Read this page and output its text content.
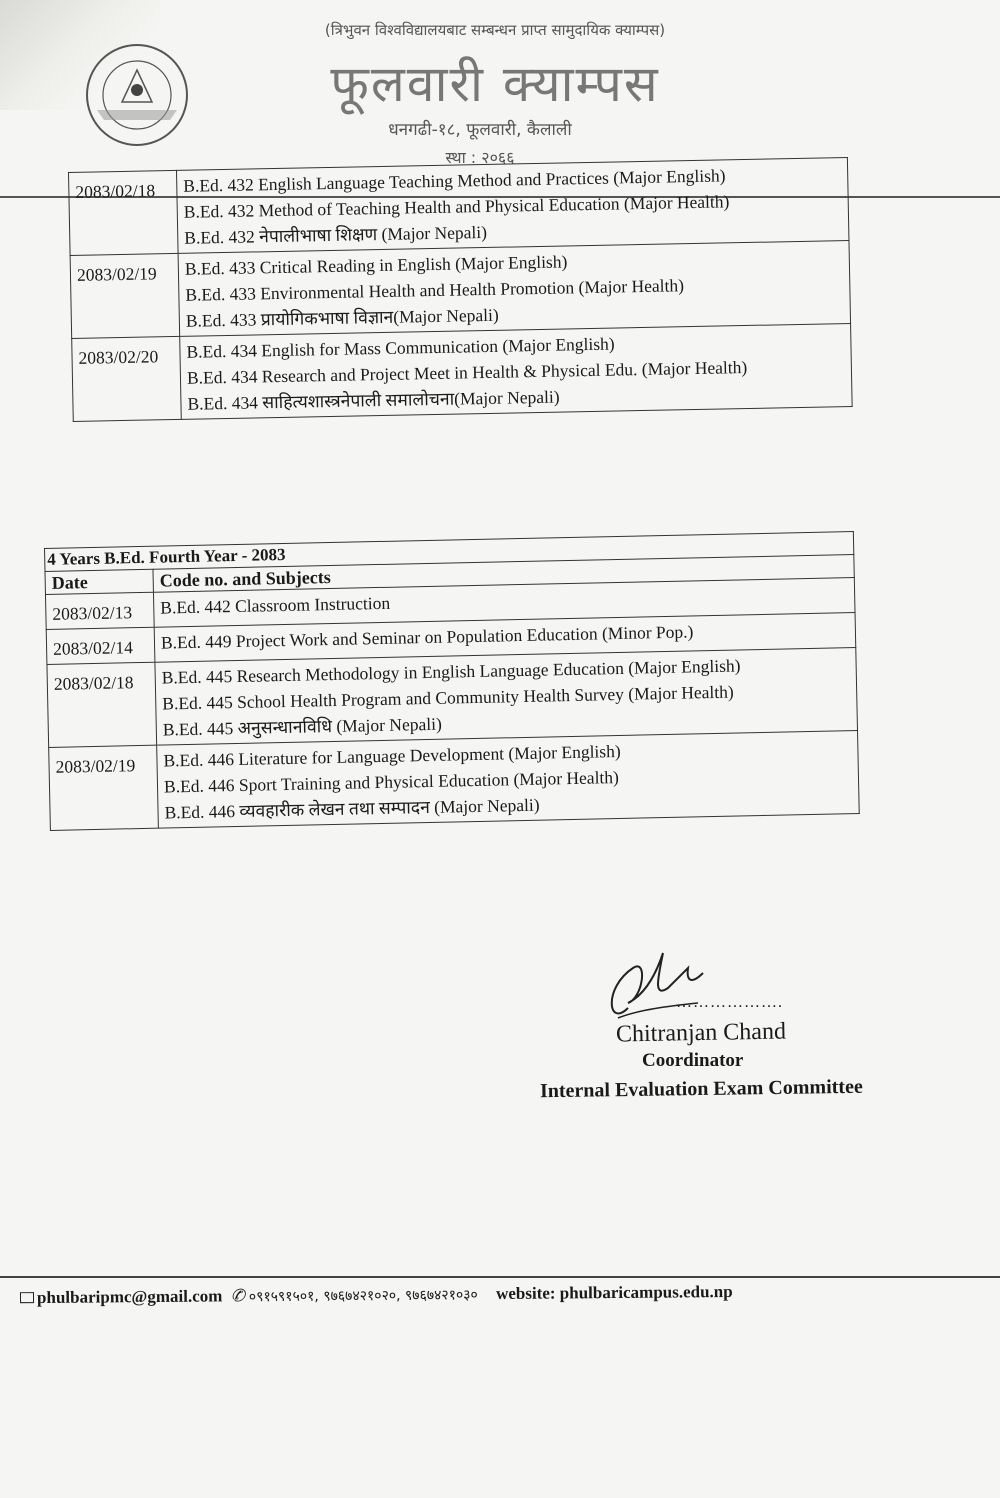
(त्रिभुवन विश्वविद्यालयबाट सम्बन्धन प्राप्त सामुदायिक क्याम्पस)
फूलवारी क्याम्पस
धनगढी-१८, फूलवारी, कैलाली
स्था : २०६६
2083/02/18	B.Ed. 432 English Language Teaching Method and Practices (Major English)
B.Ed. 432 Method of Teaching Health and Physical Education (Major Health)
B.Ed. 432 नेपालीभाषा शिक्षण (Major Nepali)

2083/02/19	B.Ed. 433 Critical Reading in English (Major English)
B.Ed. 433 Environmental Health and Health Promotion (Major Health)
B.Ed. 433 प्रायोगिकभाषा विज्ञान(Major Nepali)

2083/02/20	B.Ed. 434 English for Mass Communication (Major English)
B.Ed. 434 Research and Project Meet in Health & Physical Edu. (Major Health)
B.Ed. 434 साहित्यशास्त्रनेपाली समालोचना(Major Nepali)
4 Years B.Ed. Fourth Year - 2083
Date	Code no. and Subjects
2083/02/13	B.Ed. 442 Classroom Instruction

2083/02/14	B.Ed. 449 Project Work and Seminar on Population Education (Minor Pop.)

2083/02/18	B.Ed. 445 Research Methodology in English Language Education (Major English)
B.Ed. 445 School Health Program and Community Health Survey (Major Health)
B.Ed. 445 अनुसन्धानविधि (Major Nepali)

2083/02/19	B.Ed. 446 Literature for Language Development (Major English)
B.Ed. 446 Sport Training and Physical Education (Major Health)
B.Ed. 446 व्यवहारीक लेखन तथा सम्पादन (Major Nepali)
……………….
Chitranjan Chand
Coordinator
Internal Evaluation Exam Committee
phulbaripmc@gmail.com ✆ ०९१५९१५०१, ९७६७४२१०२०, ९७६७४२१०३० website: phulbaricampus.edu.np
